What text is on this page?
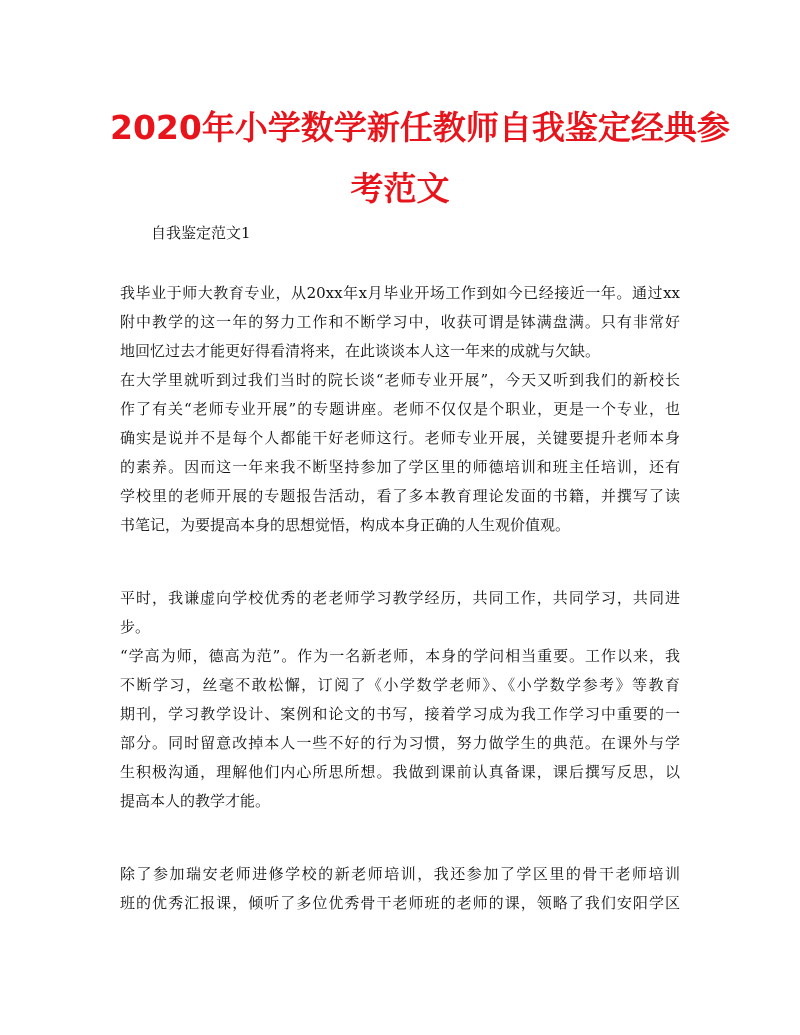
2020年小学数学新任教师自我鉴定经典参
考范文
自我鉴定范文1
我毕业于师大教育专业，从20xx年x月毕业开场工作到如今已经接近一年。通过xx
附中教学的这一年的努力工作和不断学习中，收获可谓是钵满盘满。只有非常好
地回忆过去才能更好得看清将来，在此谈谈本人这一年来的成就与欠缺。
在大学里就听到过我们当时的院长谈“老师专业开展”，今天又听到我们的新校长
作了有关“老师专业开展”的专题讲座。老师不仅仅是个职业，更是一个专业，也
确实是说并不是每个人都能干好老师这行。老师专业开展，关键要提升老师本身
的素养。因而这一年来我不断坚持参加了学区里的师德培训和班主任培训，还有
学校里的老师开展的专题报告活动，看了多本教育理论发面的书籍，并撰写了读
书笔记，为要提高本身的思想觉悟，构成本身正确的人生观价值观。
平时，我谦虚向学校优秀的老老师学习教学经历，共同工作，共同学习，共同进
步。
“学高为师，德高为范”。作为一名新老师，本身的学问相当重要。工作以来，我
不断学习，丝毫不敢松懈，订阅了《小学数学老师》、《小学数学参考》等教育
期刊，学习教学设计、案例和论文的书写，接着学习成为我工作学习中重要的一
部分。同时留意改掉本人一些不好的行为习惯，努力做学生的典范。在课外与学
生积极沟通，理解他们内心所思所想。我做到课前认真备课，课后撰写反思，以
提高本人的教学才能。
除了参加瑞安老师进修学校的新老师培训，我还参加了学区里的骨干老师培训
班的优秀汇报课，倾听了多位优秀骨干老师班的老师的课，领略了我们安阳学区
